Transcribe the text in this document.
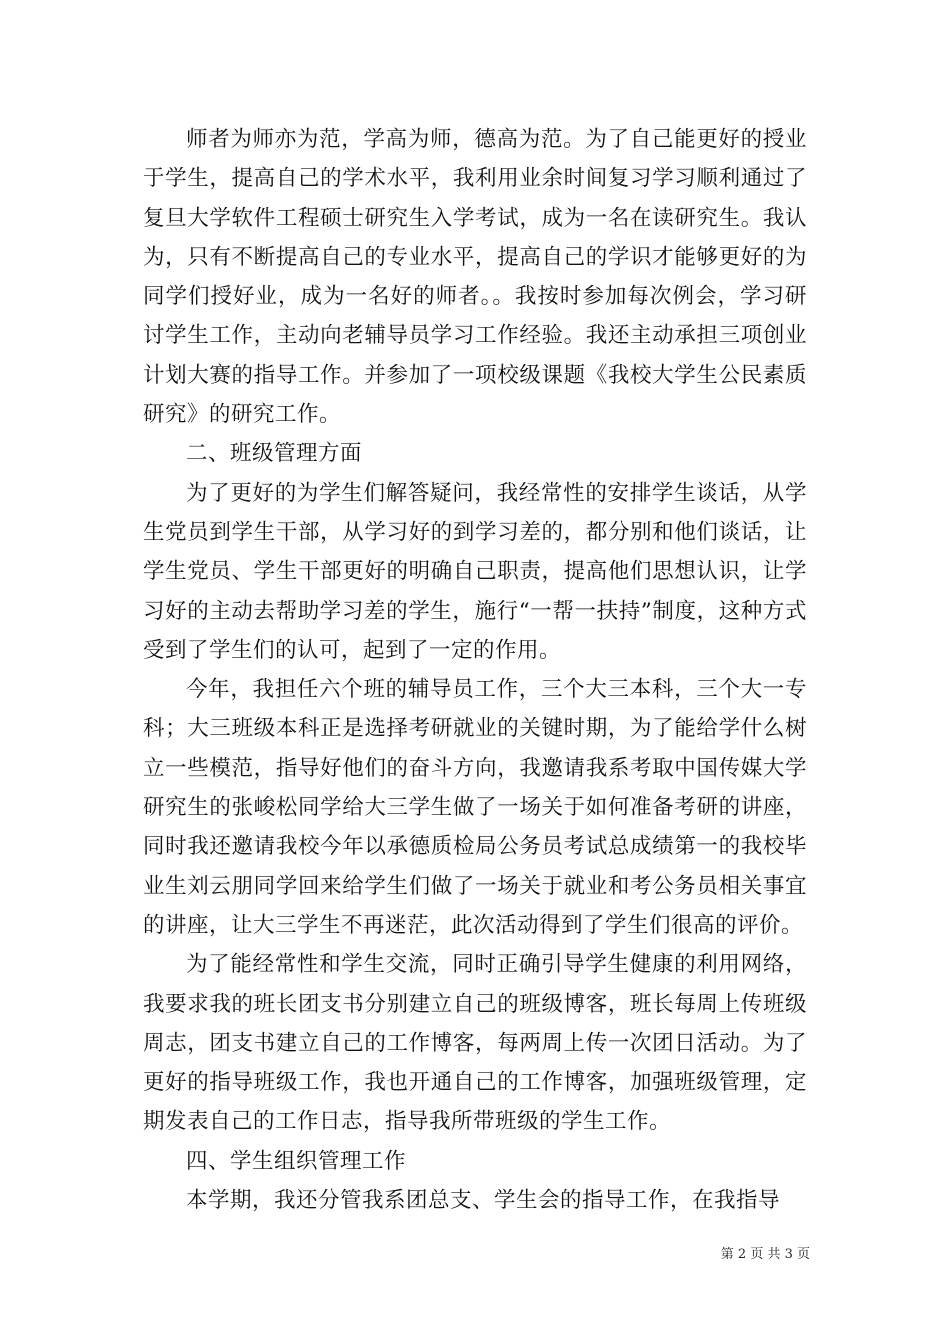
师者为师亦为范，学高为师，德高为范。为了自己能更好的授业于学生，提高自己的学术水平，我利用业余时间复习学习顺利通过了复旦大学软件工程硕士研究生入学考试，成为一名在读研究生。我认为，只有不断提高自己的专业水平，提高自己的学识才能够更好的为同学们授好业，成为一名好的师者。。我按时参加每次例会，学习研讨学生工作，主动向老辅导员学习工作经验。我还主动承担三项创业计划大赛的指导工作。并参加了一项校级课题《我校大学生公民素质研究》的研究工作。

二、班级管理方面

为了更好的为学生们解答疑问，我经常性的安排学生谈话，从学生党员到学生干部，从学习好的到学习差的，都分别和他们谈话，让学生党员、学生干部更好的明确自己职责，提高他们思想认识，让学习好的主动去帮助学习差的学生，施行“一帮一扶持”制度，这种方式受到了学生们的认可，起到了一定的作用。

今年，我担任六个班的辅导员工作，三个大三本科，三个大一专科；大三班级本科正是选择考研就业的关键时期，为了能给学什么树立一些模范，指导好他们的奋斗方向，我邀请我系考取中国传媒大学研究生的张峻松同学给大三学生做了一场关于如何准备考研的讲座，同时我还邀请我校今年以承德质检局公务员考试总成绩第一的我校毕业生刘云朋同学回来给学生们做了一场关于就业和考公务员相关事宜的讲座，让大三学生不再迷茫，此次活动得到了学生们很高的评价。

为了能经常性和学生交流，同时正确引导学生健康的利用网络，我要求我的班长团支书分别建立自己的班级博客，班长每周上传班级周志，团支书建立自己的工作博客，每两周上传一次团日活动。为了更好的指导班级工作，我也开通自己的工作博客，加强班级管理，定期发表自己的工作日志，指导我所带班级的学生工作。

四、学生组织管理工作

本学期，我还分管我系团总支、学生会的指导工作，在我指导

第 2 页 共 3 页
